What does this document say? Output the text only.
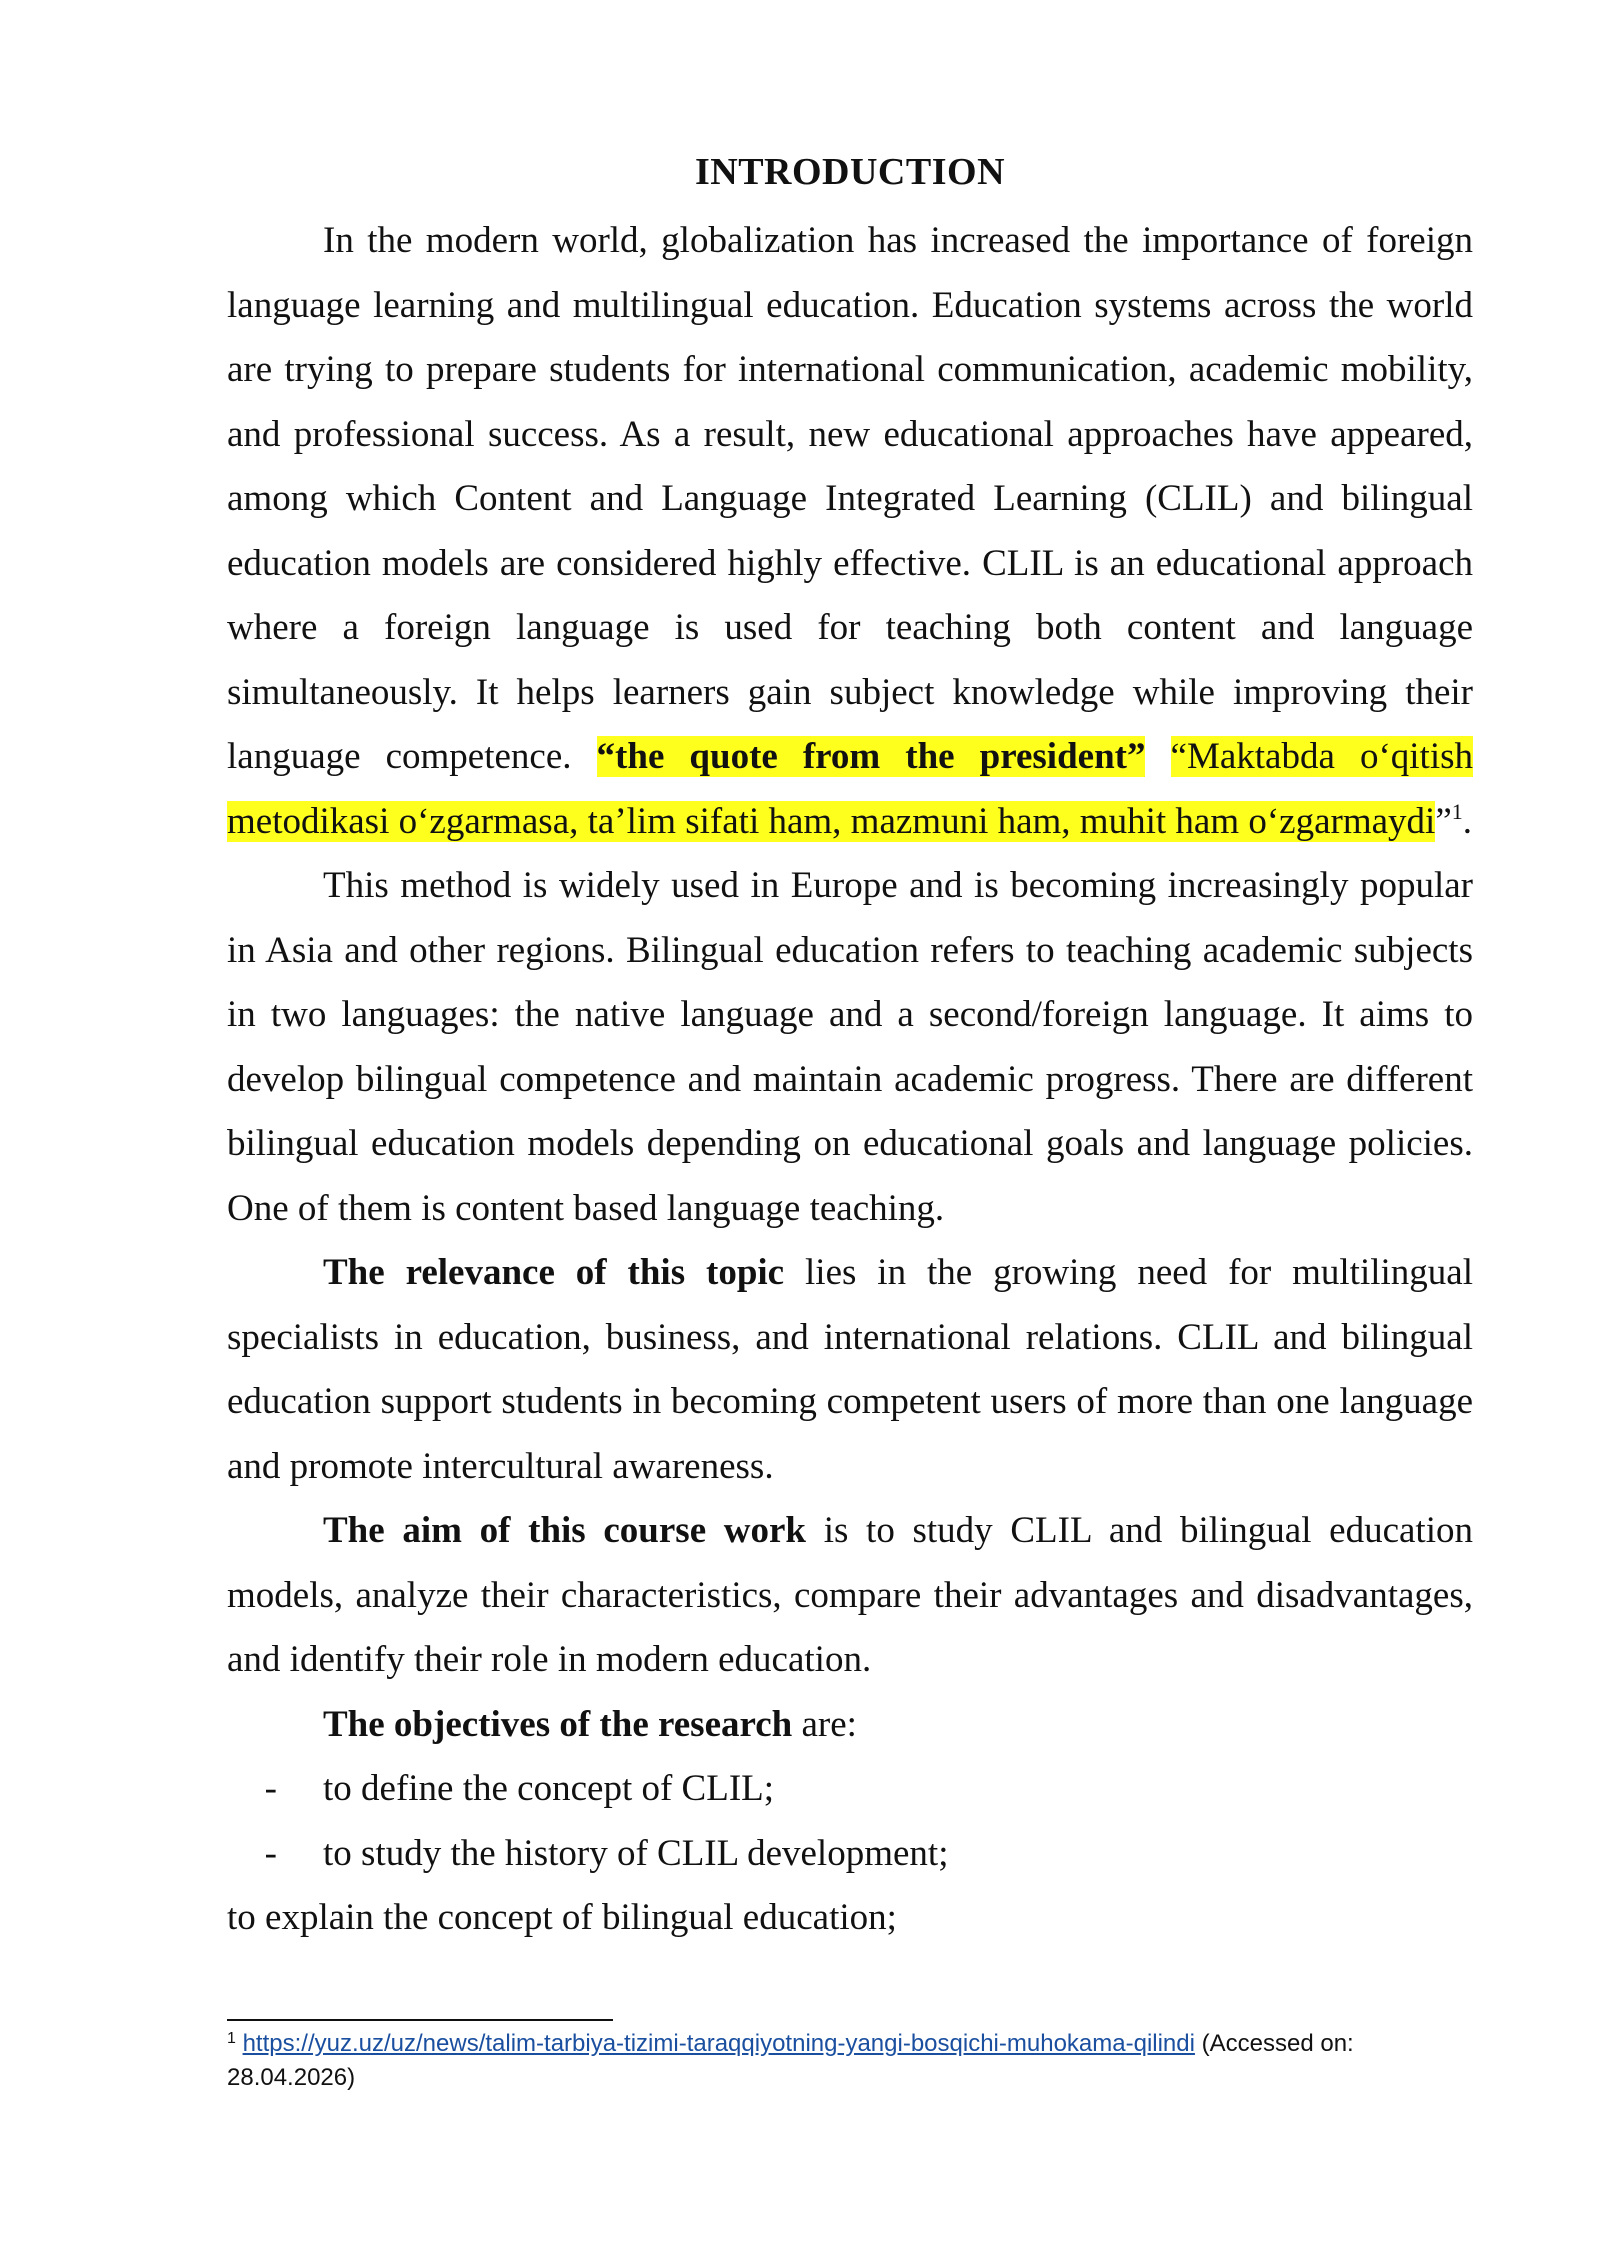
INTRODUCTION

In the modern world, globalization has increased the importance of foreign language learning and multilingual education. Education systems across the world are trying to prepare students for international communication, academic mobility, and professional success. As a result, new educational approaches have appeared, among which Content and Language Integrated Learning (CLIL) and bilingual education models are considered highly effective. CLIL is an educational approach where a foreign language is used for teaching both content and language simultaneously. It helps learners gain subject knowledge while improving their language competence. “the quote from the president” “Maktabda o‘qitish metodikasi o‘zgarmasa, ta’lim sifati ham, mazmuni ham, muhit ham o‘zgarmaydi”$^1$.

This method is widely used in Europe and is becoming increasingly popular in Asia and other regions. Bilingual education refers to teaching academic subjects in two languages: the native language and a second/foreign language. It aims to develop bilingual competence and maintain academic progress. There are different bilingual education models depending on educational goals and language policies. One of them is content based language teaching.

The relevance of this topic lies in the growing need for multilingual specialists in education, business, and international relations. CLIL and bilingual education support students in becoming competent users of more than one language and promote intercultural awareness.

The aim of this course work is to study CLIL and bilingual education models, analyze their characteristics, compare their advantages and disadvantages, and identify their role in modern education.

The objectives of the research are:

-	to define the concept of CLIL;
-	to study the history of CLIL development;

to explain the concept of bilingual education;

$^1$ https://yuz.uz/uz/news/talim-tarbiya-tizimi-taraqqiyotning-yangi-bosqichi-muhokama-qilindi (Accessed on: 28.04.2026)
